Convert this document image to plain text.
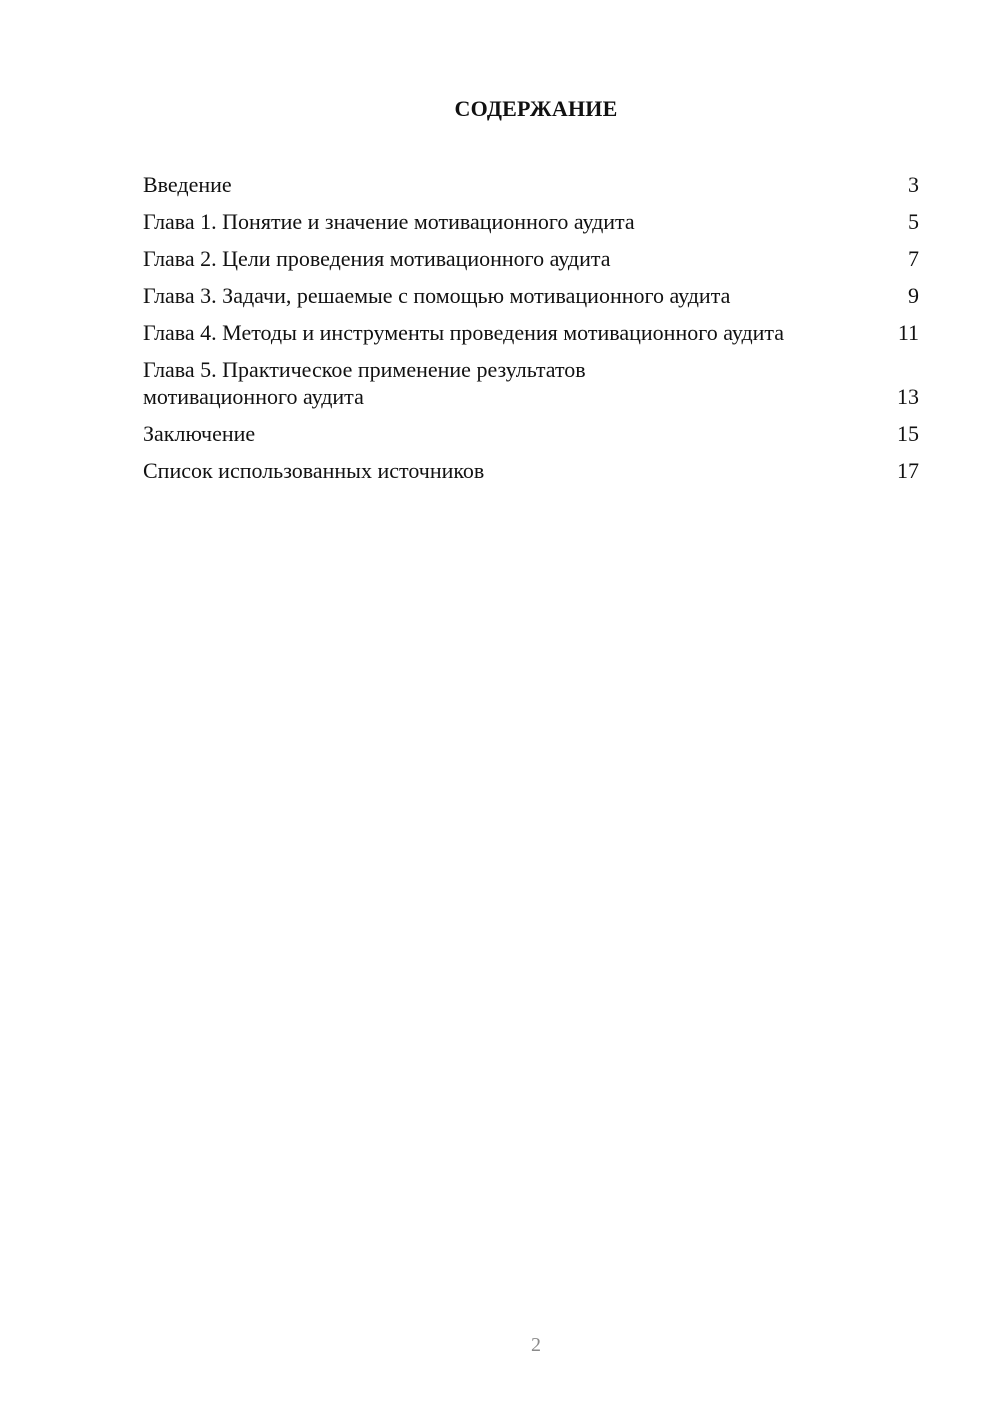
СОДЕРЖАНИЕ
Введение	3
Глава 1. Понятие и значение мотивационного аудита	5
Глава 2. Цели проведения мотивационного аудита	7
Глава 3. Задачи, решаемые с помощью мотивационного аудита	9
Глава 4. Методы и инструменты проведения мотивационного аудита	11
Глава 5. Практическое применение результатов мотивационного аудита	13
Заключение	15
Список использованных источников	17
2
